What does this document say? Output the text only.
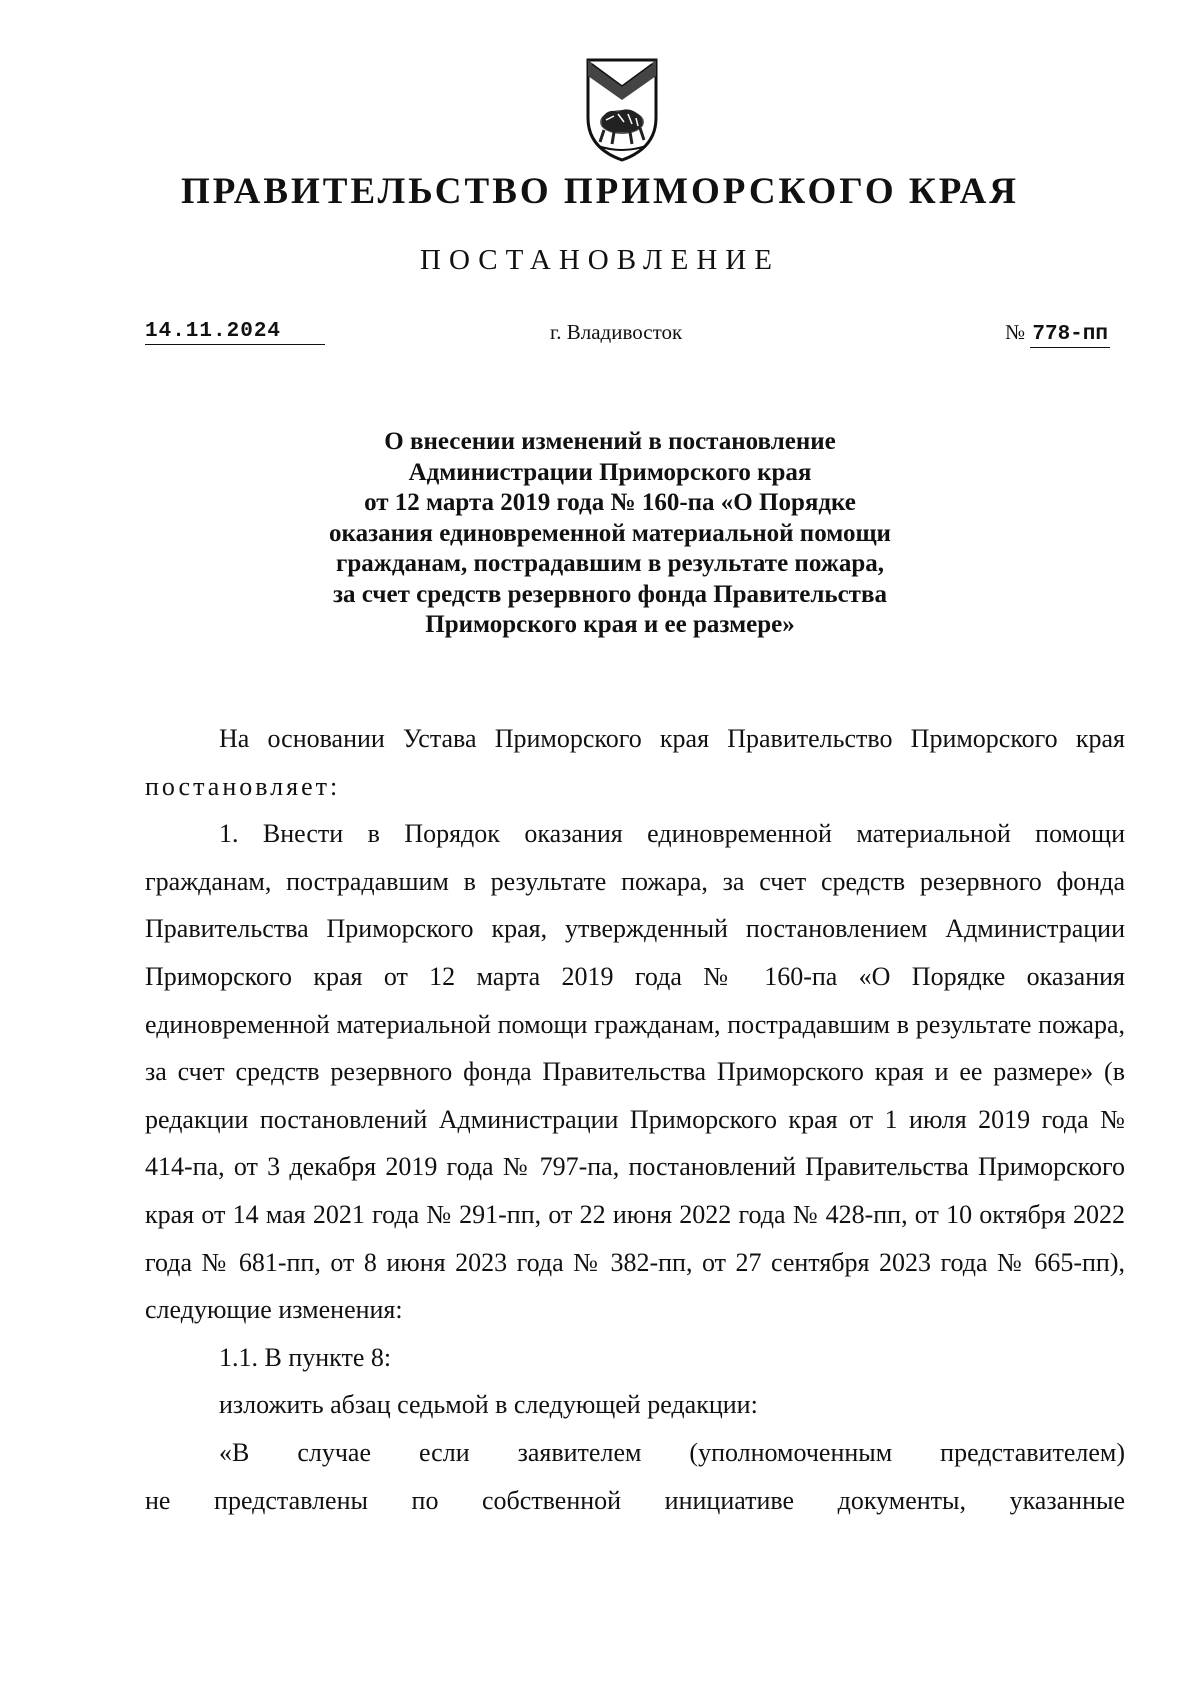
ПРАВИТЕЛЬСТВО ПРИМОРСКОГО КРАЯ
ПОСТАНОВЛЕНИЕ
14.11.2024	г. Владивосток	№ 778-пп
О внесении изменений в постановление
Администрации Приморского края
от 12 марта 2019 года № 160-па «О Порядке
оказания единовременной материальной помощи
гражданам, пострадавшим в результате пожара,
за счет средств резервного фонда Правительства
Приморского края и ее размере»
На основании Устава Приморского края Правительство Приморского края постановляет:
1. Внести в Порядок оказания единовременной материальной помощи гражданам, пострадавшим в результате пожара, за счет средств резервного фонда Правительства Приморского края, утвержденный постановлением Администрации Приморского края от 12 марта 2019 года № 160-па «О Порядке оказания единовременной материальной помощи гражданам, пострадавшим в результате пожара, за счет средств резервного фонда Правительства Приморского края и ее размере» (в редакции постановлений Администрации Приморского края от 1 июля 2019 года № 414-па, от 3 декабря 2019 года № 797-па, постановлений Правительства Приморского края от 14 мая 2021 года № 291-пп, от 22 июня 2022 года № 428-пп, от 10 октября 2022 года № 681-пп, от 8 июня 2023 года № 382-пп, от 27 сентября 2023 года № 665-пп), следующие изменения:
1.1. В пункте 8:
изложить абзац седьмой в следующей редакции:
«В случае если заявителем (уполномоченным представителем)
не представлены по собственной инициативе документы, указанные
